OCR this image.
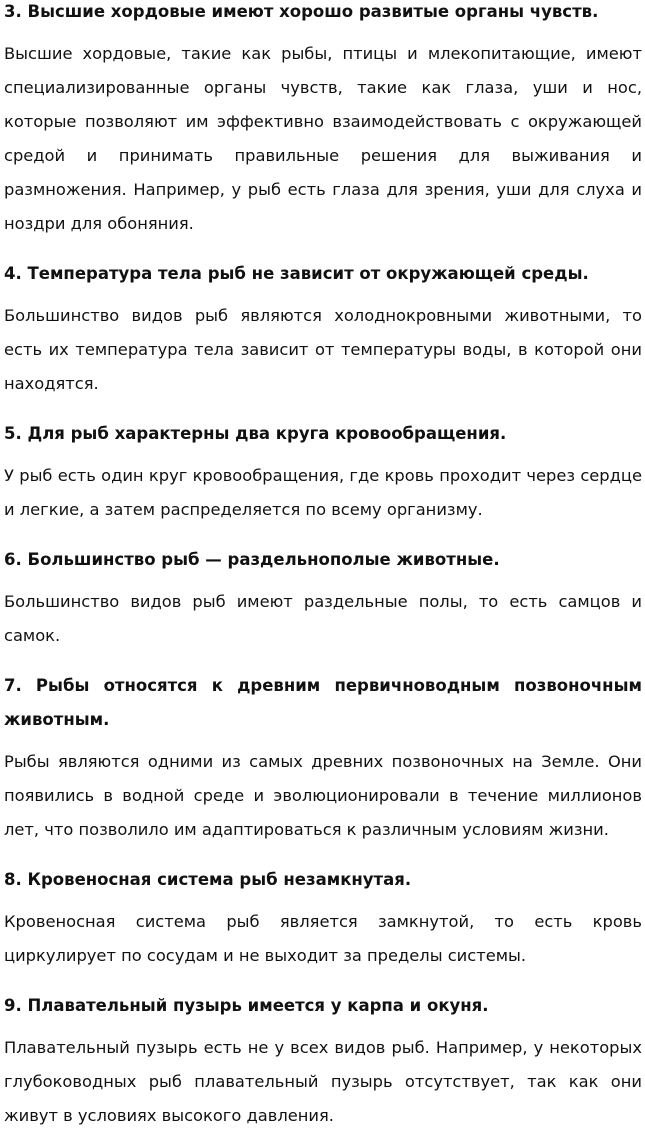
3. Высшие хордовые имеют хорошо развитые органы чувств.

Высшие хордовые, такие как рыбы, птицы и млекопитающие, имеют специализированные органы чувств, такие как глаза, уши и нос, которые позволяют им эффективно взаимодействовать с окружающей средой и принимать правильные решения для выживания и размножения. Например, у рыб есть глаза для зрения, уши для слуха и ноздри для обоняния.

4. Температура тела рыб не зависит от окружающей среды.

Большинство видов рыб являются холоднокровными животными, то есть их температура тела зависит от температуры воды, в которой они находятся.

5. Для рыб характерны два круга кровообращения.

У рыб есть один круг кровообращения, где кровь проходит через сердце и легкие, а затем распределяется по всему организму.

6. Большинство рыб — раздельнополые животные.

Большинство видов рыб имеют раздельные полы, то есть самцов и самок.

7. Рыбы относятся к древним первичноводным позвоночным животным.

Рыбы являются одними из самых древних позвоночных на Земле. Они появились в водной среде и эволюционировали в течение миллионов лет, что позволило им адаптироваться к различным условиям жизни.

8. Кровеносная система рыб незамкнутая.

Кровеносная система рыб является замкнутой, то есть кровь циркулирует по сосудам и не выходит за пределы системы.

9. Плавательный пузырь имеется у карпа и окуня.

Плавательный пузырь есть не у всех видов рыб. Например, у некоторых глубоководных рыб плавательный пузырь отсутствует, так как они живут в условиях высокого давления.
